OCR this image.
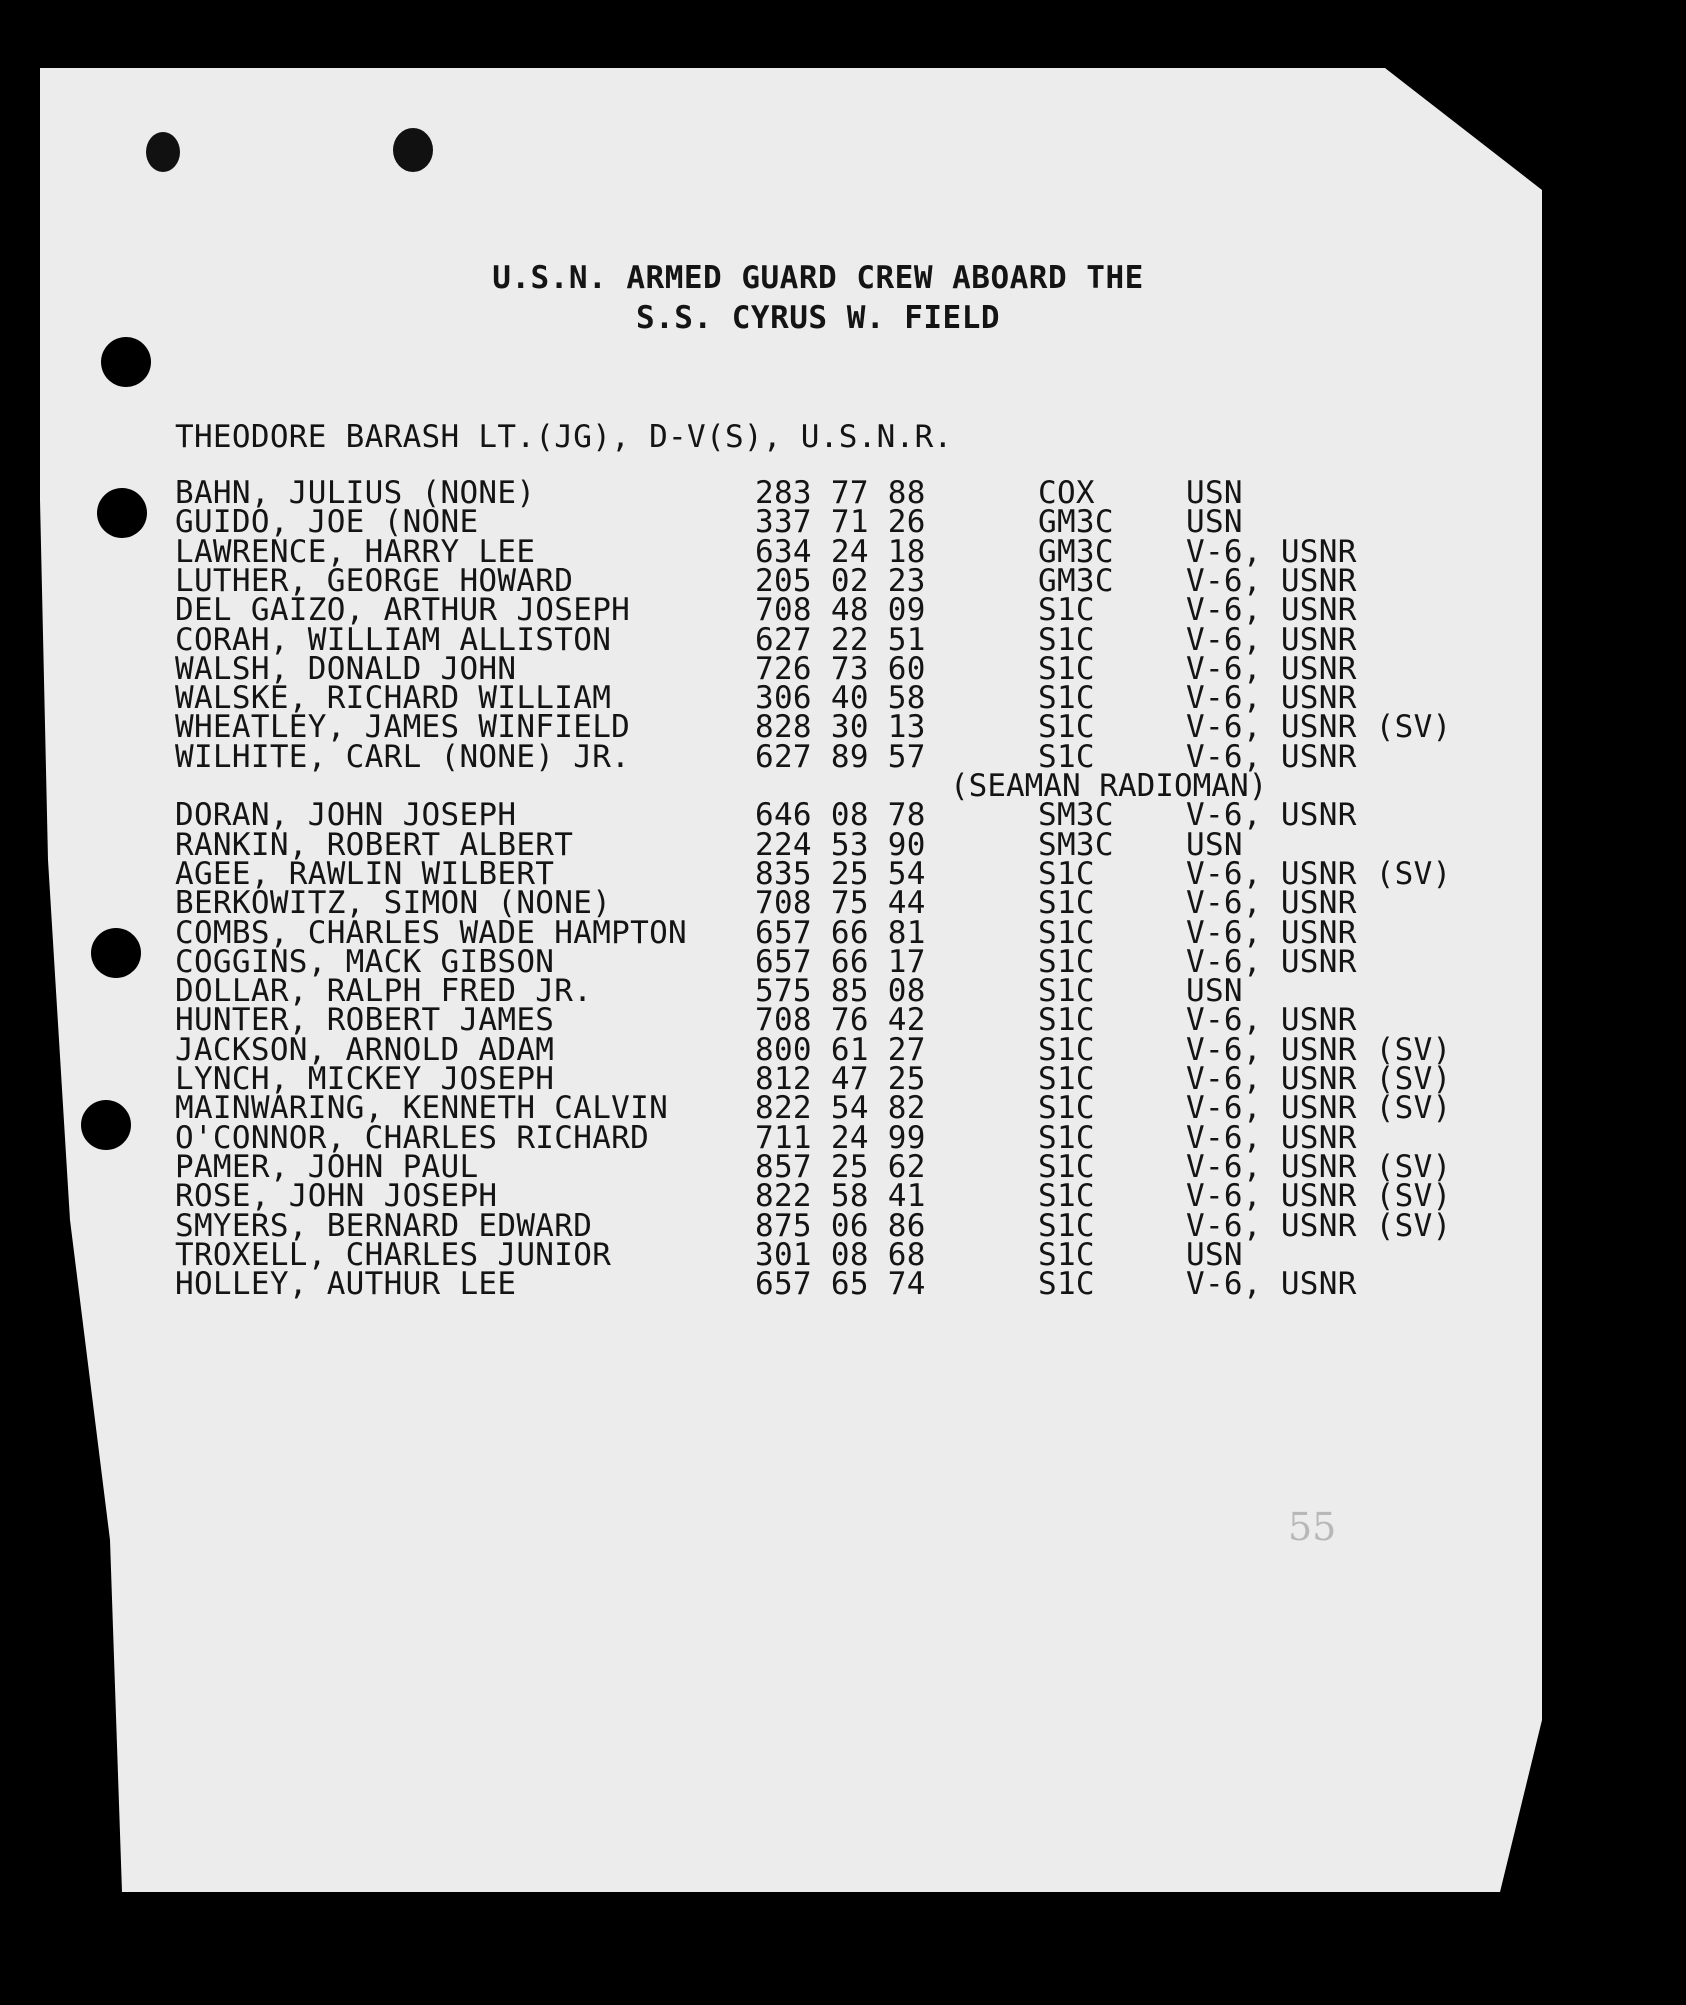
U.S.N. ARMED GUARD CREW ABOARD THE
S.S. CYRUS W. FIELD
THEODORE BARASH LT.(JG), D-V(S), U.S.N.R.
BAHN, JULIUS (NONE)	283 77 88	COX	USN
GUIDO, JOE (NONE	337 71 26	GM3C USN
LAWRENCE, HARRY LEE	634 24 18	GM3C V-6, USNR
LUTHER, GEORGE HOWARD	205 02 23	GM3C V-6, USNR
DEL GAIZO, ARTHUR JOSEPH	708 48 09	S1C	V-6, USNR
CORAH, WILLIAM ALLISTON	627 22 51	S1C	V-6, USNR
WALSH, DONALD JOHN	726 73 60	S1C	V-6, USNR
WALSKE, RICHARD WILLIAM	306 40 58	S1C	V-6, USNR
WHEATLEY, JAMES WINFIELD	828 30 13	S1C	V-6, USNR (SV)
WILHITE, CARL (NONE) JR.	627 89 57	S1C	V-6, USNR
(SEAMAN RADIOMAN)
DORAN, JOHN JOSEPH	646 08 78	SM3C V-6, USNR
RANKIN, ROBERT ALBERT	224 53 90	SM3C USN
AGEE, RAWLIN WILBERT	835 25 54	S1C	V-6, USNR (SV)
BERKOWITZ, SIMON (NONE)	708 75 44	S1C	V-6, USNR
COMBS, CHARLES WADE HAMPTON 657 66 81	S1C	V-6, USNR
COGGINS, MACK GIBSON	657 66 17	S1C	V-6, USNR
DOLLAR, RALPH FRED JR.	575 85 08	S1C	USN
HUNTER, ROBERT JAMES	708 76 42	S1C	V-6, USNR
JACKSON, ARNOLD ADAM	800 61 27	S1C	V-6, USNR (SV)
LYNCH, MICKEY JOSEPH	812 47 25	S1C	V-6, USNR (SV)
MAINWARING, KENNETH CALVIN	822 54 82	S1C	V-6, USNR (SV)
O'CONNOR, CHARLES RICHARD	711 24 99	S1C	V-6, USNR
PAMER, JOHN PAUL	857 25 62	S1C	V-6, USNR (SV)
ROSE, JOHN JOSEPH	822 58 41	S1C	V-6, USNR (SV)
SMYERS, BERNARD EDWARD	875 06 86	S1C	V-6, USNR (SV)
TROXELL, CHARLES JUNIOR	301 08 68	S1C	USN
HOLLEY, AUTHUR LEE	657 65 74	S1C	V-6, USNR
55
